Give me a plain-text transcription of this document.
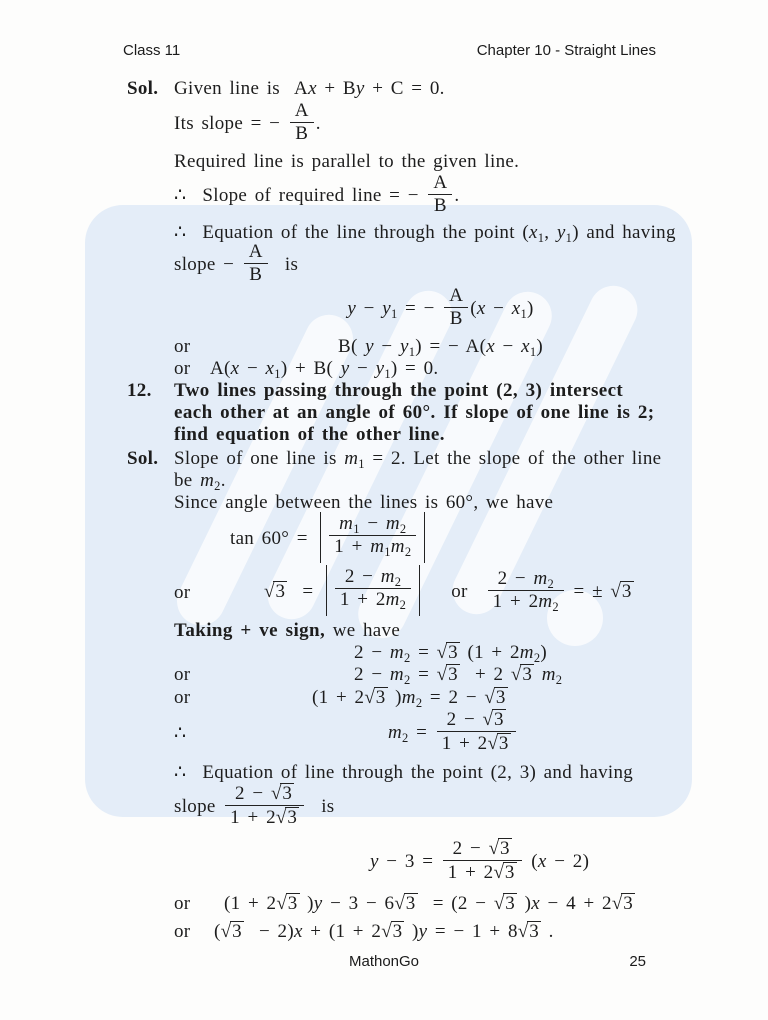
Class 11	Chapter 10 - Straight Lines
Sol. Given line is  Ax + By + C = 0.
Its slope = − $\frac{A}{B}$ .
Required line is parallel to the given line.
∴ Slope of required line = − $\frac{A}{B}$ .
∴ Equation of the line through the point ($x_1$, $y_1$) and having
slope − $\frac{A}{B}$ is
$y - y_1$ = − $\frac{A}{B} (x - x_1)$
or	B( $y - y_1$) = − $A(x - x_1)$
or	$A(x - x_1) + B$( $y - y_1) = 0$.
12.	Two lines passing through the point (2, 3) intersect
each other at an angle of 60°. If slope of one line is 2;
find equation of the other line.
Sol. Slope of one line is $m_1 = 2$. Let the slope of the other line
be $m_2$.
Since angle between the lines is 60°, we have
$\tan 60^\circ = \frac{m_1 - m_2}{1 + m_1m_2}$
or	$√3 = \frac{2 - m_2}{1 + 2m_2}$ or $\frac{2 - m_2}{1 + 2m_2}$ = ± √3
Taking + ve sign, we have
$2 - m_2 = √3$ $(1 + 2m_2)$
or	$2 - m_2 = √3 + 2$ √3 $m_2$
or	(1 + 2√3 )$m_2 = 2 - √3$
∴	$m_2 = \frac{2 - √3}{1 + 2√3}$
∴ Equation of line through the point (2, 3) and having
slope $\frac{2 - √3}{1 + 2√3}$ is
$y - 3 = \frac{2 - √3}{1 + 2√3} (x - 2)$
or	(1 + 2√3 )y − 3 − 6√3  = (2 − √3 )x − 4 + 2√3
or	(√3  − 2)x + (1 + 2√3 )y = − 1 + 8√3 .
MathonGo	25
